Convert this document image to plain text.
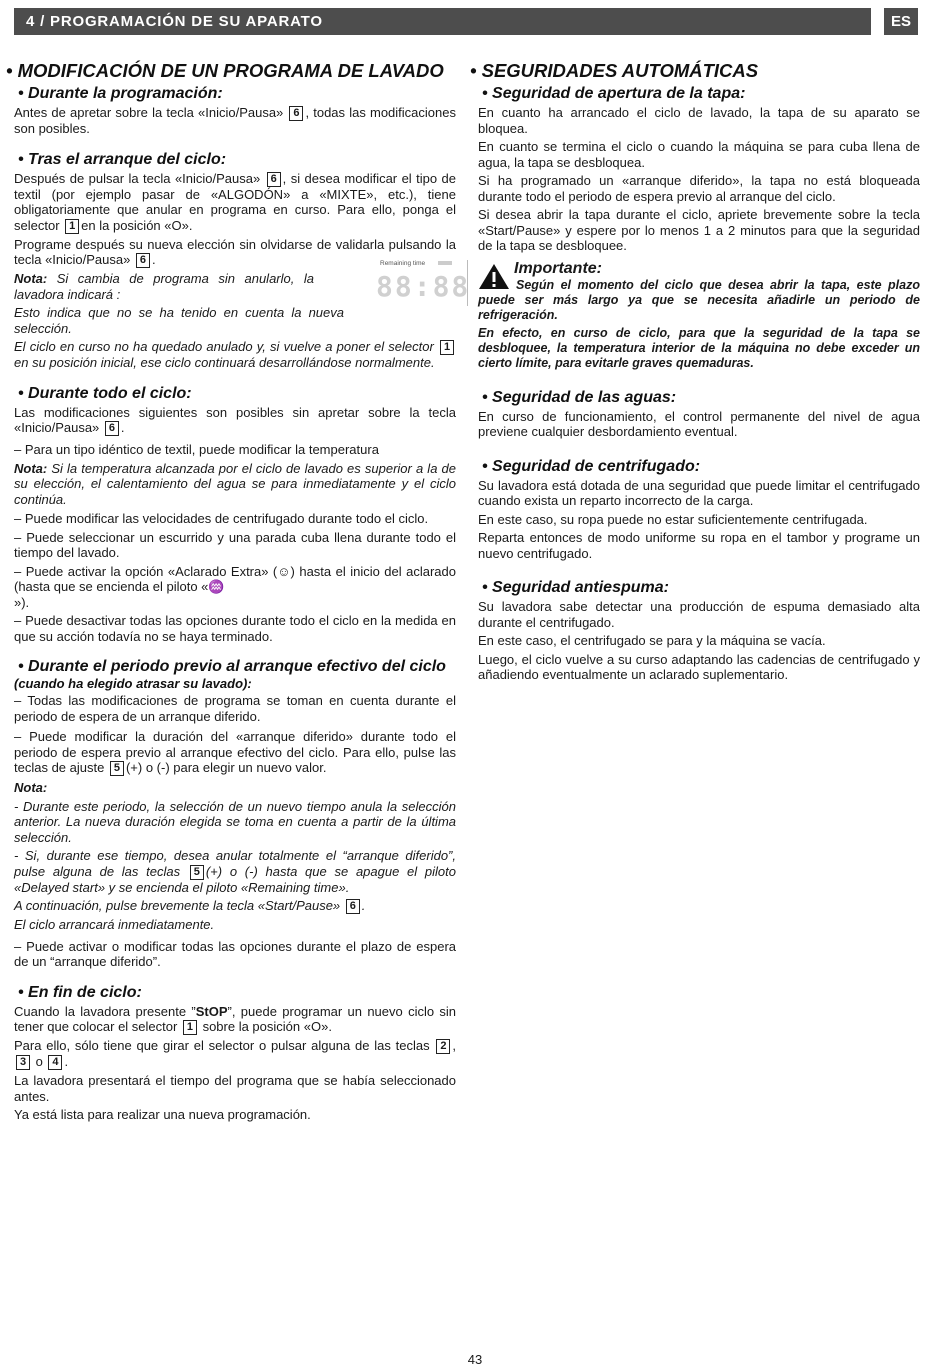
4 / PROGRAMACIÓN DE SU APARATO	ES
• MODIFICACIÓN DE UN PROGRAMA DE LAVADO
• Durante la programación:

Antes de apretar sobre la tecla «Inicio/Pausa» 6 , todas las modificaciones son posibles.

• Tras el arranque del ciclo:

Después de pulsar la tecla «Inicio/Pausa» 6 , si desea modificar el tipo de textil (por ejemplo pasar de «ALGODÓN» a «MIXTE», etc.), tiene obligatoriamente que anular en programa en curso. Para ello, ponga el selector 1 en la posición «O».

Programe después su nueva elección sin olvidarse de validarla pulsando la tecla «Inicio/Pausa» 6 .

Nota: Si cambia de programa sin anularlo, la lavadora indicará :

Esto indica que no se ha tenido en cuenta la nueva selección.

El ciclo en curso no ha quedado anulado y, si vuelve a poner el selector 1 en su posición inicial, ese ciclo continuará desarrollándose normalmente.

Remaining time
88:88
• Durante todo el ciclo:

Las modificaciones siguientes son posibles sin apretar sobre la tecla «Inicio/Pausa» 6 .

– Para un tipo idéntico de textil, puede modificar la temperatura

Nota: Si la temperatura alcanzada por el ciclo de lavado es superior a la de su elección, el calentamiento del agua se para inmediatamente y el ciclo continúa.

– Puede modificar las velocidades de centrifugado durante todo el ciclo.

– Puede seleccionar un escurrido y una parada cuba llena durante todo el tiempo del lavado.

– Puede activar la opción «Aclarado Extra» (☺) hasta el inicio del aclarado (hasta que se encienda el piloto «♒
»).

– Puede desactivar todas las opciones durante todo el ciclo en la medida en que su acción todavía no se haya terminado.

• Durante el periodo previo al arranque efectivo del ciclo
(cuando ha elegido atrasar su lavado):

– Todas las modificaciones de programa se toman en cuenta durante el periodo de espera de un arranque diferido.

– Puede modificar la duración del «arranque diferido» durante todo el periodo de espera previo al arranque efectivo del ciclo. Para ello, pulse las teclas de ajuste 5 (+) o (-) para elegir un nuevo valor.

Nota:

- Durante este periodo, la selección de un nuevo tiempo anula la selección anterior. La nueva duración elegida se toma en cuenta a partir de la última selección.

- Si, durante ese tiempo, desea anular totalmente el “arranque diferido”, pulse alguna de las teclas 5 (+) o (-) hasta que se apague el piloto «Delayed start» y se encienda el piloto «Remaining time».

A continuación, pulse brevemente la tecla «Start/Pause» 6 .

El ciclo arrancará inmediatamente.

– Puede activar o modificar todas las opciones durante el plazo de espera de un “arranque diferido”.

• En fin de ciclo:

Cuando la lavadora presente ”StOP”, puede programar un nuevo ciclo sin tener que colocar el selector 1 sobre la posición «O».

Para ello, sólo tiene que girar el selector o pulsar alguna de las teclas 2 , 3 o 4 .

La lavadora presentará el tiempo del programa que se había seleccionado antes.

Ya está lista para realizar una nueva programación.

• SEGURIDADES AUTOMÁTICAS
• Seguridad de apertura de la tapa:

En cuanto ha arrancado el ciclo de lavado, la tapa de su aparato se bloquea.

En cuanto se termina el ciclo o cuando la máquina se para cuba llena de agua, la tapa se desbloquea.

Si ha programado un «arranque diferido», la tapa no está bloqueada durante todo el periodo de espera previo al arranque del ciclo.

Si desea abrir la tapa durante el ciclo, apriete brevemente sobre la tecla «Start/Pause» y espere por lo menos 1 a 2 minutos para que la seguridad de la tapa se desbloquee.

Importante:

Según el momento del ciclo que desea abrir la tapa, este plazo puede ser más largo ya que se necesita añadirle un periodo de refrigeración.

En efecto, en curso de ciclo, para que la seguridad de la tapa se desbloquee, la temperatura interior de la máquina no debe exceder un cierto límite, para evitarle graves quemaduras.

• Seguridad de las aguas:

En curso de funcionamiento, el control permanente del nivel de agua previene cualquier desbordamiento eventual.

• Seguridad de centrifugado:

Su lavadora está dotada de una seguridad que puede limitar el centrifugado cuando exista un reparto incorrecto de la carga.

En este caso, su ropa puede no estar suficientemente centrifugada.

Reparta entonces de modo uniforme su ropa en el tambor y programe un nuevo centrifugado.

• Seguridad antiespuma:

Su lavadora sabe detectar una producción de espuma demasiado alta durante el centrifugado.

En este caso, el centrifugado se para y la máquina se vacía.

Luego, el ciclo vuelve a su curso adaptando las cadencias de centrifugado y añadiendo eventualmente un aclarado suplementario.

43
